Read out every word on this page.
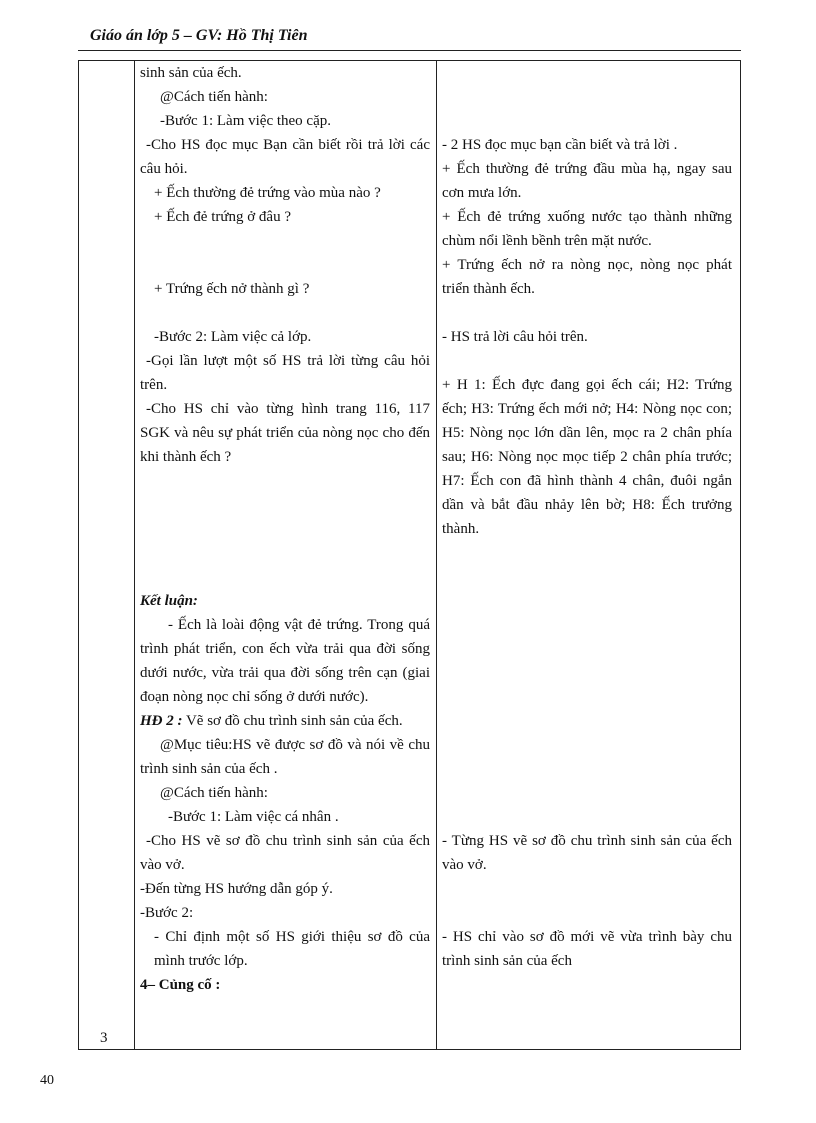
Giáo án lớp 5 – GV: Hồ Thị Tiên

sinh sản của ếch.

@Cách tiến hành:

-Bước 1: Làm việc theo cặp.

-Cho HS đọc mục Bạn cần biết rồi trả lời các câu hỏi.

+ Ếch thường đẻ trứng vào mùa nào ?

+ Ếch đẻ trứng ở đâu ?

+ Trứng ếch nở thành gì ?

-Bước 2: Làm việc cả lớp.

-Gọi lần lượt một số HS trả lời từng câu hỏi trên.

-Cho HS chỉ vào từng hình trang 116, 117 SGK và nêu sự phát triển của nòng nọc cho đến khi thành ếch ?

Kết luận:

- Ếch là loài động vật đẻ trứng. Trong quá trình phát triển, con ếch vừa trải qua đời sống dưới nước, vừa trải qua đời sống trên cạn (giai đoạn nòng nọc chỉ sống ở dưới nước).

HĐ 2 : Vẽ sơ đồ chu trình sinh sản của ếch.

@Mục tiêu:HS vẽ được sơ đồ và nói về chu trình sinh sản của ếch .

@Cách tiến hành:

-Bước 1: Làm việc cá nhân .

-Cho HS vẽ sơ đồ chu trình sinh sản của ếch vào vở.

-Đến từng HS hướng dẫn góp ý.

-Bước 2:

- Chỉ định một số HS giới thiệu sơ đồ của mình trước lớp.

4– Củng cố :

- 2 HS đọc mục bạn cần biết và trả lời .

+ Ếch thường đẻ trứng đầu mùa hạ, ngay sau cơn mưa lớn.

+ Ếch đẻ trứng xuống nước tạo thành những chùm nổi lềnh bềnh trên mặt nước.

+ Trứng ếch nở ra nòng nọc, nòng nọc phát triển thành ếch.

- HS trả lời câu hỏi trên.

+ H 1: Ếch đực đang gọi ếch cái; H2: Trứng ếch; H3: Trứng ếch mới nở; H4: Nòng nọc con; H5: Nòng nọc lớn dần lên, mọc ra 2 chân phía sau; H6: Nòng nọc mọc tiếp 2 chân phía trước; H7: Ếch con đã hình thành 4 chân, đuôi ngắn dần và bắt đầu nhảy lên bờ; H8: Ếch trưởng thành.

- Từng HS vẽ sơ đồ chu trình sinh sản của ếch vào vở.

- HS chỉ vào sơ đồ mới vẽ vừa trình bày chu trình sinh sản của ếch

3
40
